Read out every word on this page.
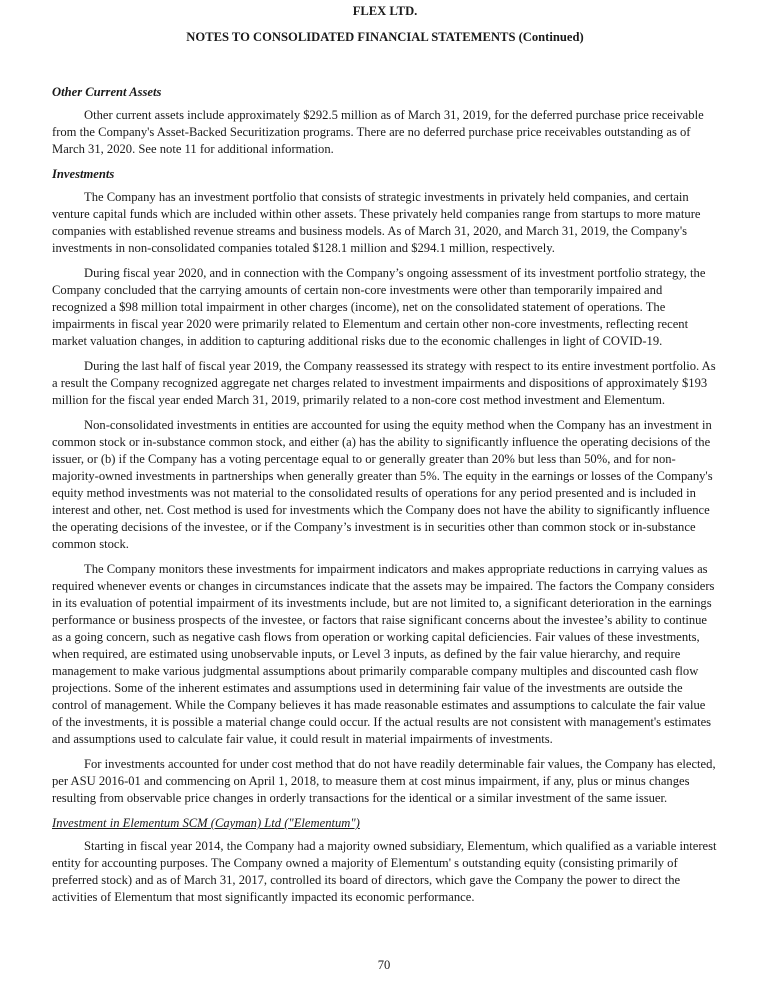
FLEX LTD.
NOTES TO CONSOLIDATED FINANCIAL STATEMENTS (Continued)
Other Current Assets

Other current assets include approximately $292.5 million as of March 31, 2019, for the deferred purchase price receivable from the Company's Asset-Backed Securitization programs. There are no deferred purchase price receivables outstanding as of March 31, 2020. See note 11 for additional information.

Investments

The Company has an investment portfolio that consists of strategic investments in privately held companies, and certain venture capital funds which are included within other assets. These privately held companies range from startups to more mature companies with established revenue streams and business models. As of March 31, 2020, and March 31, 2019, the Company's investments in non-consolidated companies totaled $128.1 million and $294.1 million, respectively.

During fiscal year 2020, and in connection with the Company’s ongoing assessment of its investment portfolio strategy, the Company concluded that the carrying amounts of certain non-core investments were other than temporarily impaired and recognized a $98 million total impairment in other charges (income), net on the consolidated statement of operations. The impairments in fiscal year 2020 were primarily related to Elementum and certain other non-core investments, reflecting recent market valuation changes, in addition to capturing additional risks due to the economic challenges in light of COVID-19.

During the last half of fiscal year 2019, the Company reassessed its strategy with respect to its entire investment portfolio. As a result the Company recognized aggregate net charges related to investment impairments and dispositions of approximately $193 million for the fiscal year ended March 31, 2019, primarily related to a non-core cost method investment and Elementum.

Non-consolidated investments in entities are accounted for using the equity method when the Company has an investment in common stock or in-substance common stock, and either (a) has the ability to significantly influence the operating decisions of the issuer, or (b) if the Company has a voting percentage equal to or generally greater than 20% but less than 50%, and for non-majority-owned investments in partnerships when generally greater than 5%. The equity in the earnings or losses of the Company's equity method investments was not material to the consolidated results of operations for any period presented and is included in interest and other, net. Cost method is used for investments which the Company does not have the ability to significantly influence the operating decisions of the investee, or if the Company’s investment is in securities other than common stock or in-substance common stock.

The Company monitors these investments for impairment indicators and makes appropriate reductions in carrying values as required whenever events or changes in circumstances indicate that the assets may be impaired. The factors the Company considers in its evaluation of potential impairment of its investments include, but are not limited to, a significant deterioration in the earnings performance or business prospects of the investee, or factors that raise significant concerns about the investee’s ability to continue as a going concern, such as negative cash flows from operation or working capital deficiencies. Fair values of these investments, when required, are estimated using unobservable inputs, or Level 3 inputs, as defined by the fair value hierarchy, and require management to make various judgmental assumptions about primarily comparable company multiples and discounted cash flow projections. Some of the inherent estimates and assumptions used in determining fair value of the investments are outside the control of management. While the Company believes it has made reasonable estimates and assumptions to calculate the fair value of the investments, it is possible a material change could occur. If the actual results are not consistent with management's estimates and assumptions used to calculate fair value, it could result in material impairments of investments.

For investments accounted for under cost method that do not have readily determinable fair values, the Company has elected, per ASU 2016-01 and commencing on April 1, 2018, to measure them at cost minus impairment, if any, plus or minus changes resulting from observable price changes in orderly transactions for the identical or a similar investment of the same issuer.

Investment in Elementum SCM (Cayman) Ltd ("Elementum")

Starting in fiscal year 2014, the Company had a majority owned subsidiary, Elementum, which qualified as a variable interest entity for accounting purposes. The Company owned a majority of Elementum' s outstanding equity (consisting primarily of preferred stock) and as of March 31, 2017, controlled its board of directors, which gave the Company the power to direct the activities of Elementum that most significantly impacted its economic performance.

70
